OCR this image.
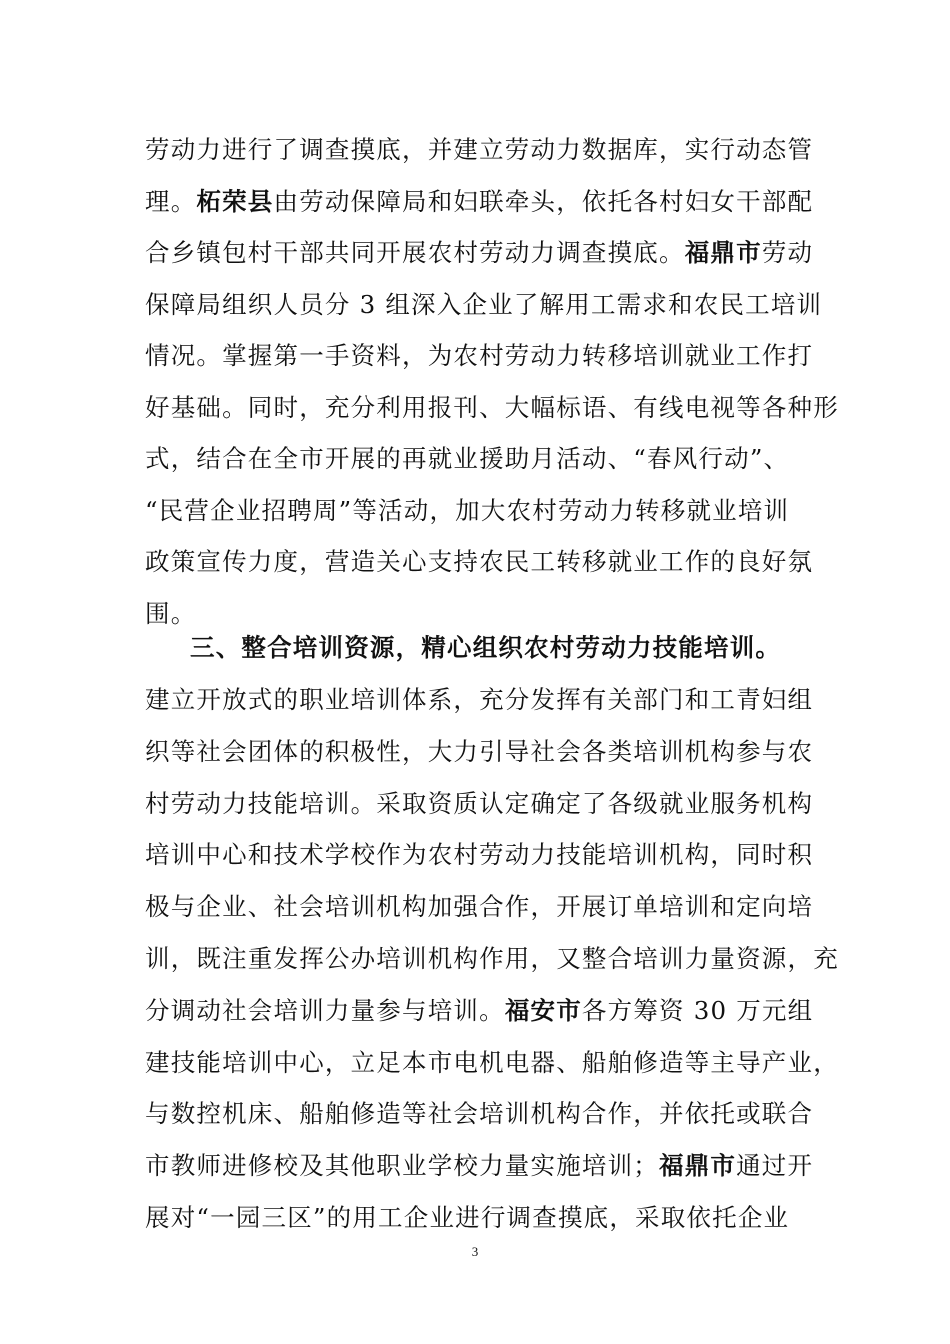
劳动力进行了调查摸底，并建立劳动力数据库，实行动态管
理。柘荣县由劳动保障局和妇联牵头，依托各村妇女干部配
合乡镇包村干部共同开展农村劳动力调查摸底。福鼎市劳动
保障局组织人员分 3 组深入企业了解用工需求和农民工培训
情况。掌握第一手资料，为农村劳动力转移培训就业工作打
好基础。同时，充分利用报刊、大幅标语、有线电视等各种形
式，结合在全市开展的再就业援助月活动、“春风行动”、
“民营企业招聘周”等活动，加大农村劳动力转移就业培训
政策宣传力度，营造关心支持农民工转移就业工作的良好氛
围。
三、整合培训资源，精心组织农村劳动力技能培训。
建立开放式的职业培训体系，充分发挥有关部门和工青妇组
织等社会团体的积极性，大力引导社会各类培训机构参与农
村劳动力技能培训。采取资质认定确定了各级就业服务机构
培训中心和技术学校作为农村劳动力技能培训机构，同时积
极与企业、社会培训机构加强合作，开展订单培训和定向培
训，既注重发挥公办培训机构作用，又整合培训力量资源，充
分调动社会培训力量参与培训。福安市各方筹资 30 万元组
建技能培训中心，立足本市电机电器、船舶修造等主导产业，
与数控机床、船舶修造等社会培训机构合作，并依托或联合
市教师进修校及其他职业学校力量实施培训；福鼎市通过开
展对“一园三区”的用工企业进行调查摸底，采取依托企业
3
